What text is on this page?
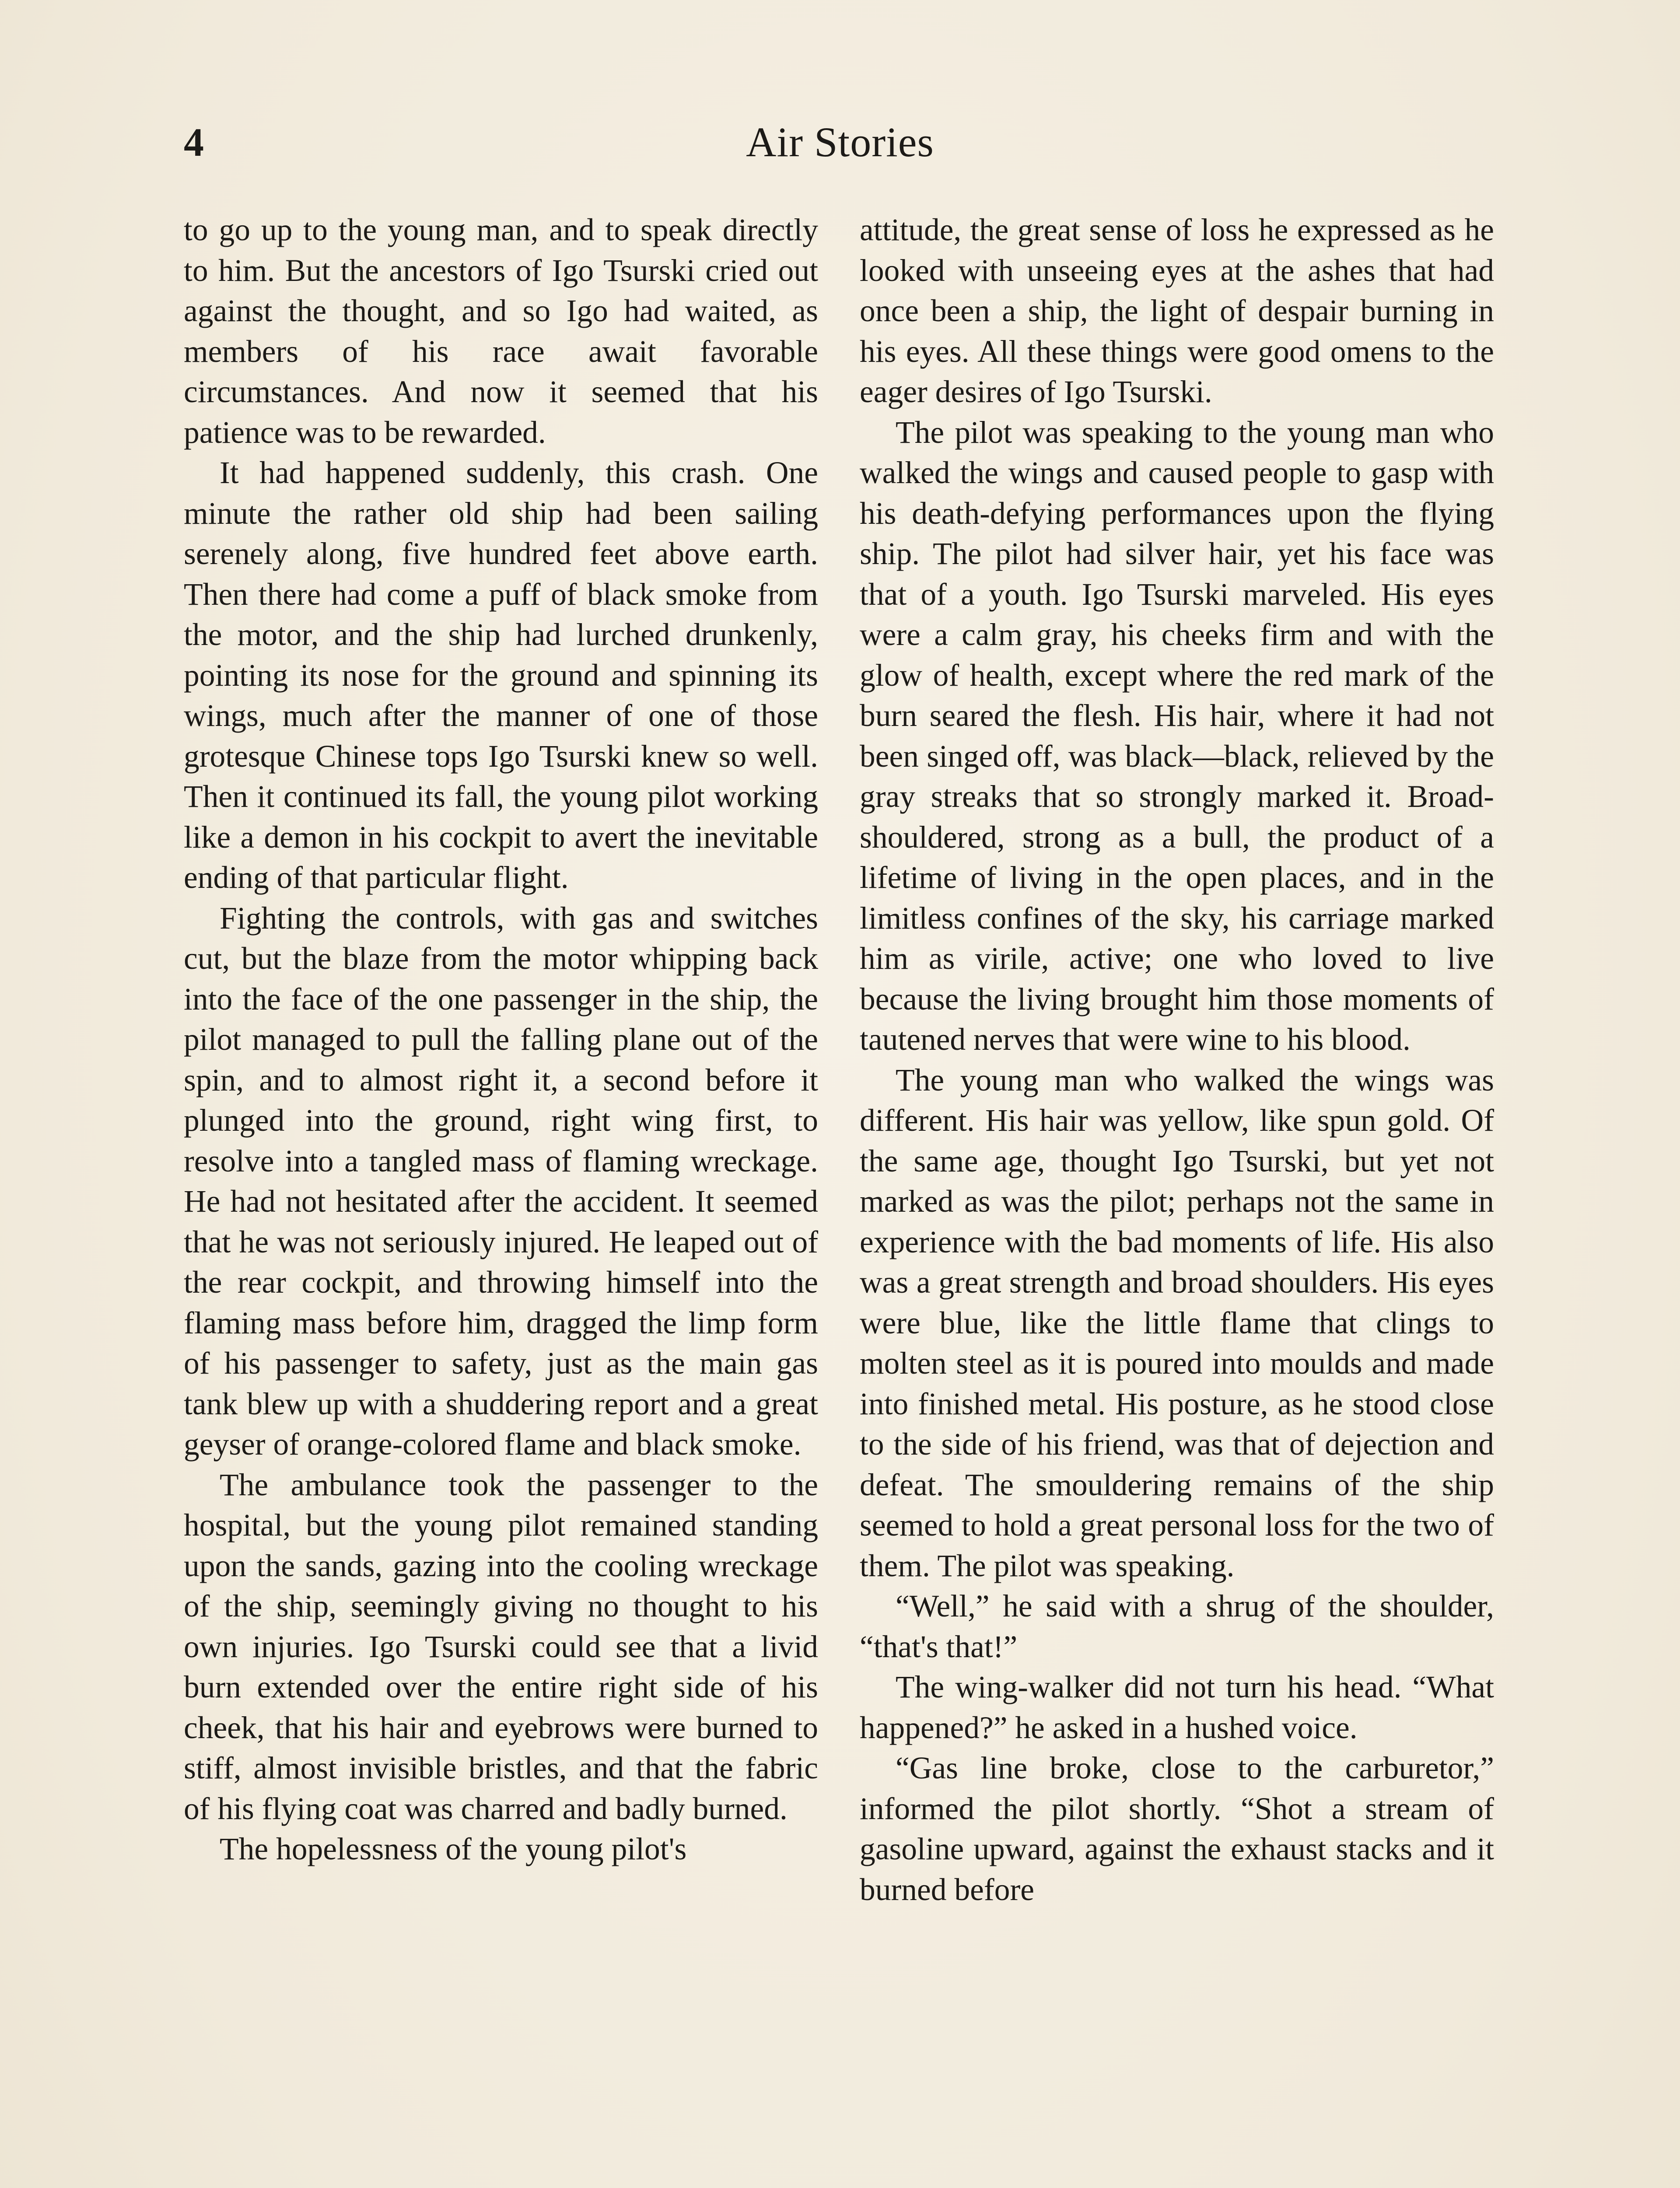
4	Air Stories

to go up to the young man, and to speak directly to him. But the ancestors of Igo Tsurski cried out against the thought, and so Igo had waited, as members of his race await favorable circumstances. And now it seemed that his patience was to be rewarded.

It had happened suddenly, this crash. One minute the rather old ship had been sailing serenely along, five hundred feet above earth. Then there had come a puff of black smoke from the motor, and the ship had lurched drunkenly, pointing its nose for the ground and spinning its wings, much after the manner of one of those grotesque Chinese tops Igo Tsurski knew so well. Then it continued its fall, the young pilot working like a demon in his cockpit to avert the inevitable ending of that particular flight.

Fighting the controls, with gas and switches cut, but the blaze from the motor whipping back into the face of the one passenger in the ship, the pilot managed to pull the falling plane out of the spin, and to almost right it, a second before it plunged into the ground, right wing first, to resolve into a tangled mass of flaming wreckage. He had not hesitated after the accident. It seemed that he was not seriously injured. He leaped out of the rear cockpit, and throwing himself into the flaming mass before him, dragged the limp form of his passenger to safety, just as the main gas tank blew up with a shuddering report and a great geyser of orange-colored flame and black smoke.

The ambulance took the passenger to the hospital, but the young pilot remained standing upon the sands, gazing into the cooling wreckage of the ship, seemingly giving no thought to his own injuries. Igo Tsurski could see that a livid burn extended over the entire right side of his cheek, that his hair and eyebrows were burned to stiff, almost invisible bristles, and that the fabric of his flying coat was charred and badly burned.

The hopelessness of the young pilot's

attitude, the great sense of loss he expressed as he looked with unseeing eyes at the ashes that had once been a ship, the light of despair burning in his eyes. All these things were good omens to the eager desires of Igo Tsurski.

The pilot was speaking to the young man who walked the wings and caused people to gasp with his death-defying performances upon the flying ship. The pilot had silver hair, yet his face was that of a youth. Igo Tsurski marveled. His eyes were a calm gray, his cheeks firm and with the glow of health, except where the red mark of the burn seared the flesh. His hair, where it had not been singed off, was black—black, relieved by the gray streaks that so strongly marked it. Broad-shouldered, strong as a bull, the product of a lifetime of living in the open places, and in the limitless confines of the sky, his carriage marked him as virile, active; one who loved to live because the living brought him those moments of tautened nerves that were wine to his blood.

The young man who walked the wings was different. His hair was yellow, like spun gold. Of the same age, thought Igo Tsurski, but yet not marked as was the pilot; perhaps not the same in experience with the bad moments of life. His also was a great strength and broad shoulders. His eyes were blue, like the little flame that clings to molten steel as it is poured into moulds and made into finished metal. His posture, as he stood close to the side of his friend, was that of dejection and defeat. The smouldering remains of the ship seemed to hold a great personal loss for the two of them. The pilot was speaking.

“Well,” he said with a shrug of the shoulder, “that's that!”

The wing-walker did not turn his head. “What happened?” he asked in a hushed voice.

“Gas line broke, close to the carburetor,” informed the pilot shortly. “Shot a stream of gasoline upward, against the exhaust stacks and it burned before
